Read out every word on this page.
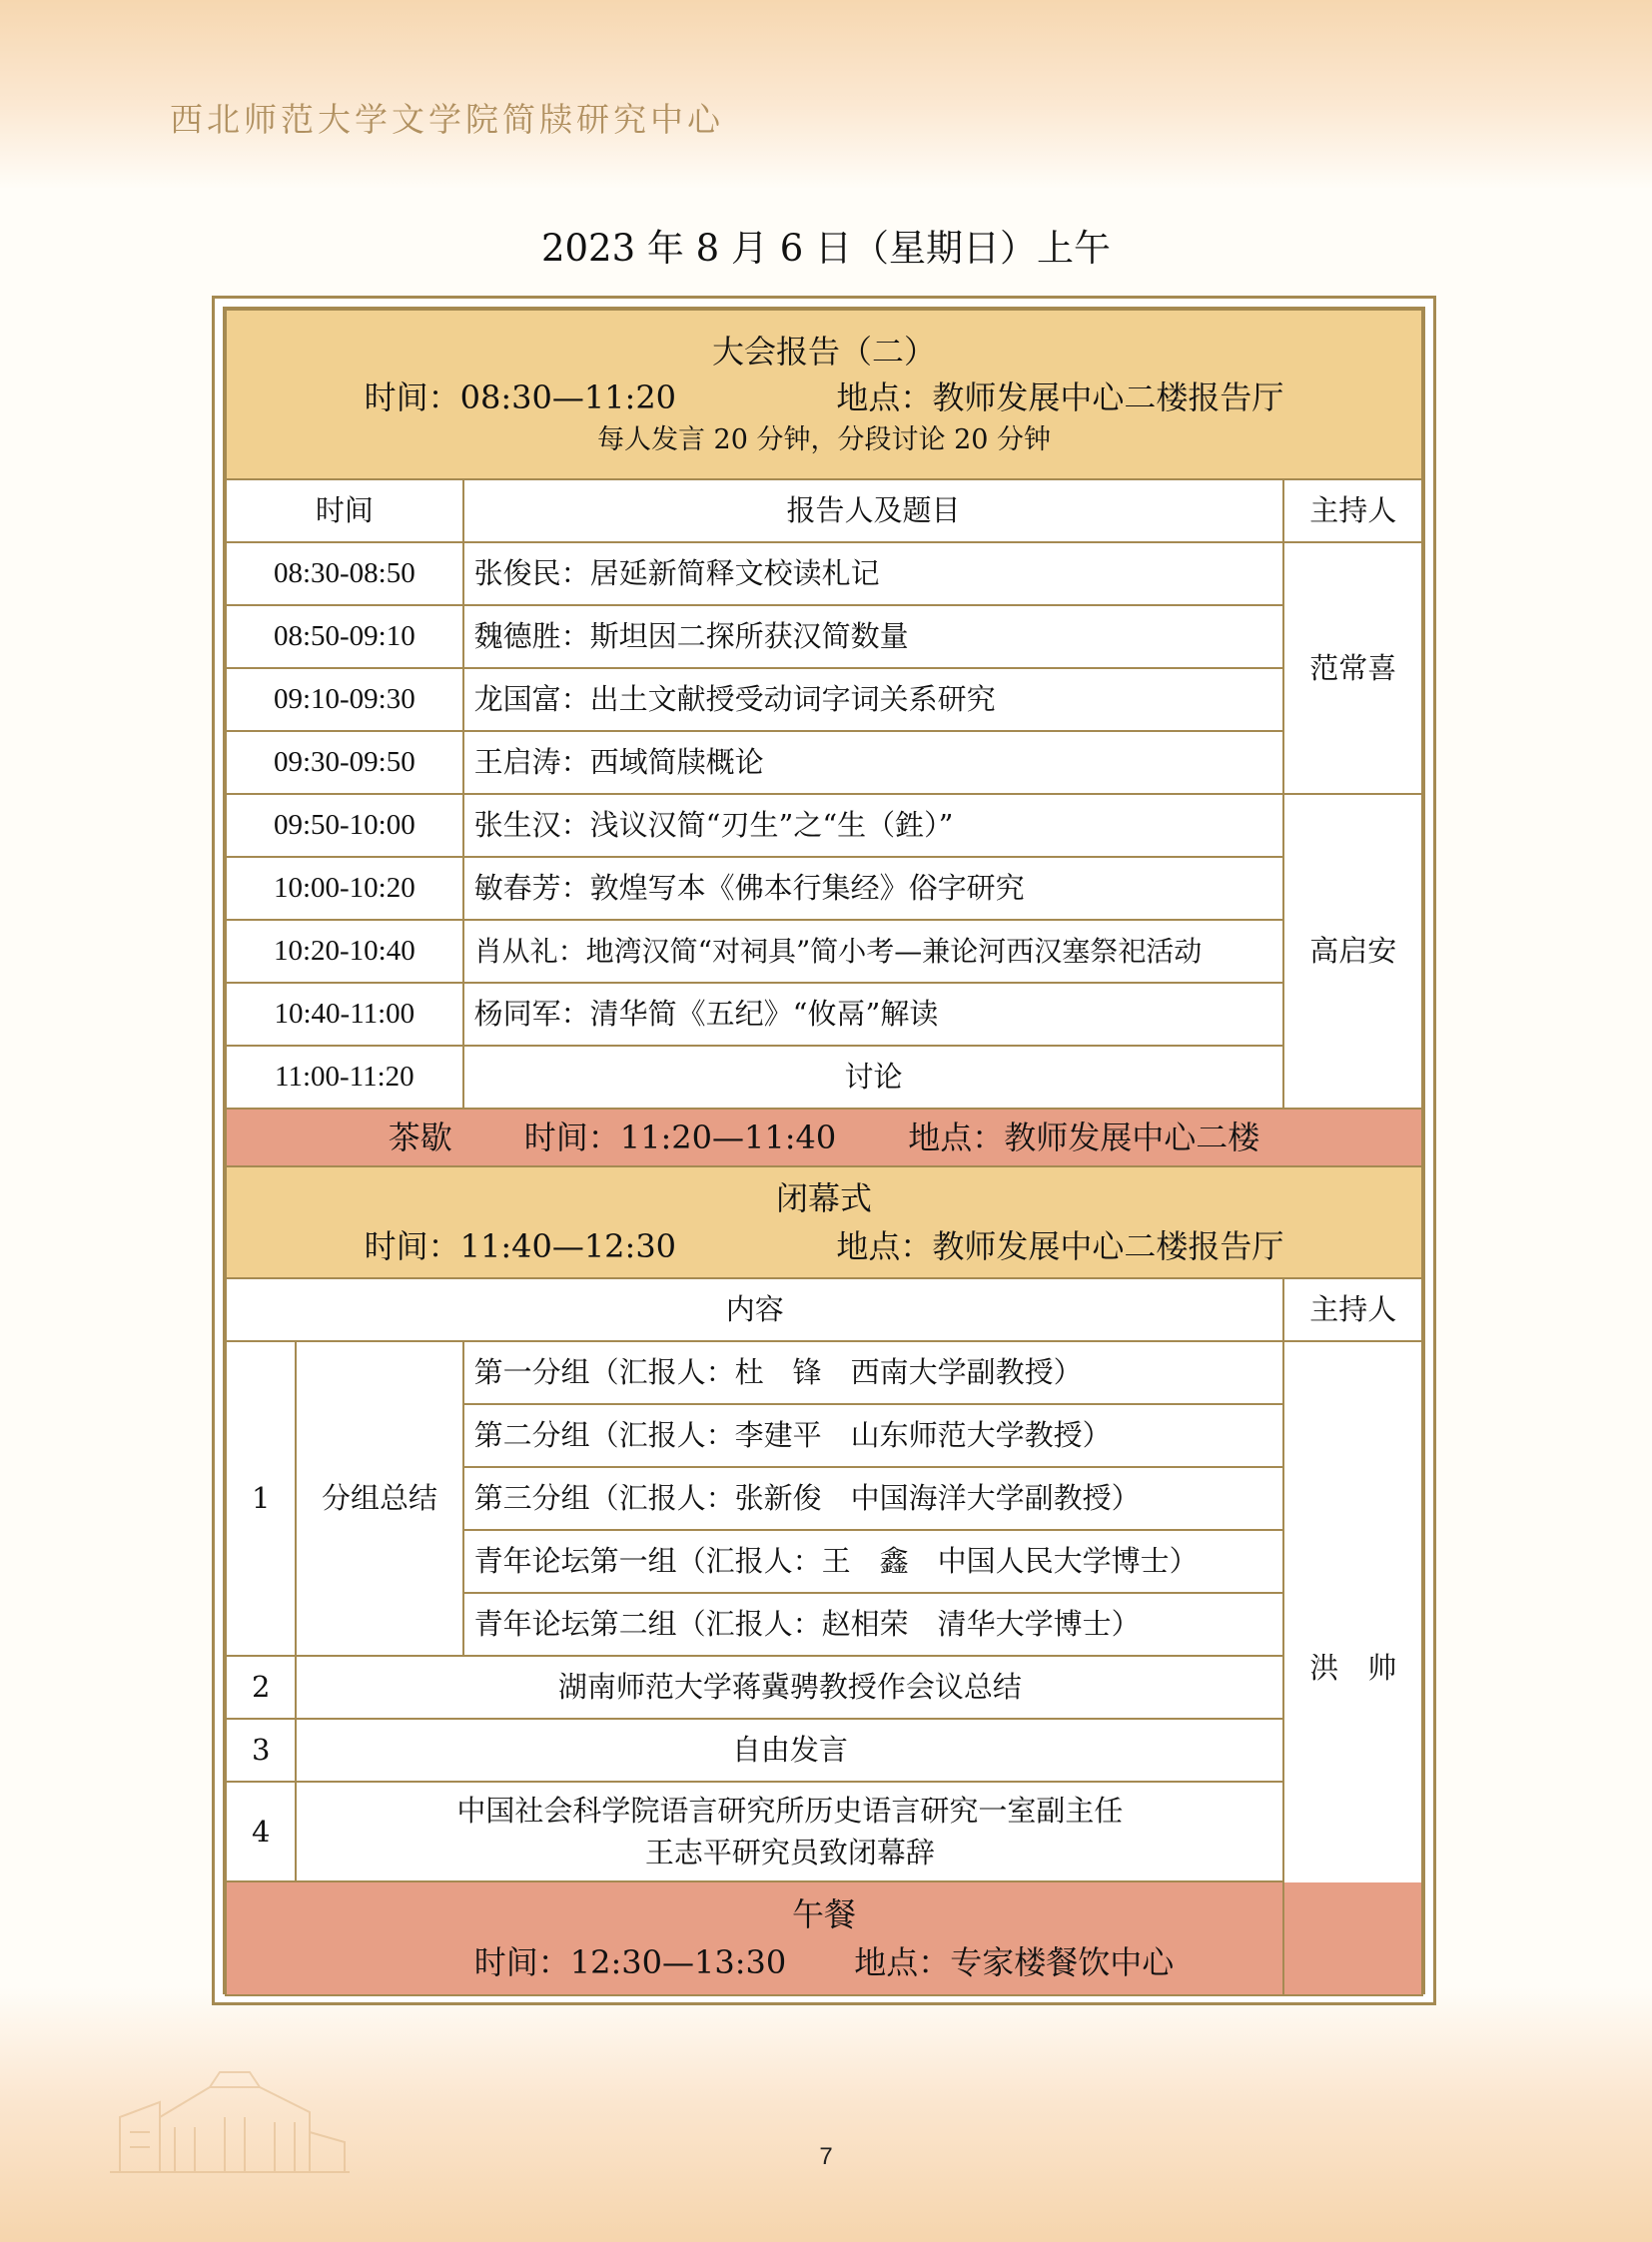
西北师范大学文学院简牍研究中心
2023 年 8 月 6 日（星期日）上午
大会报告（二）
时间：08:30—11:20 地点：教师发展中心二楼报告厅
每人发言 20 分钟，分段讨论 20 分钟			

时间		报告人及题目	主持人
08:30-08:50		张俊民：居延新简释文校读札记	范常喜
08:50-09:10		魏德胜：斯坦因二探所获汉简数量	
09:10-09:30		龙国富：出土文献授受动词字词关系研究	
09:30-09:50		王启涛：西域简牍概论	
09:50-10:00		张生汉：浅议汉简“刃生”之“生（鉎）”	高启安
10:00-10:20		敏春芳：敦煌写本《佛本行集经》俗字研究	
10:20-10:40		肖从礼：地湾汉简“对祠具”简小考—兼论河西汉塞祭祀活动	
10:40-11:00		杨同军：清华简《五纪》“攸鬲”解读	
11:00-11:20		讨论	

茶歇 时间：11:20—11:40 地点：教师发展中心二楼			

闭幕式
时间：11:40—12:30 地点：教师发展中心二楼报告厅			

内容			主持人
1	分组总结	第一分组（汇报人：杜　锋　西南大学副教授）	洪　帅
		第二分组（汇报人：李建平　山东师范大学教授）	
		第三分组（汇报人：张新俊　中国海洋大学副教授）	
		青年论坛第一组（汇报人：王　鑫　中国人民大学博士）	
		青年论坛第二组（汇报人：赵相荣　清华大学博士）	
2	湖南师范大学蒋冀骋教授作会议总结		
3	自由发言		
4	中国社会科学院语言研究所历史语言研究一室副主任
王志平研究员致闭幕辞		

午餐
时间：12:30—13:30 地点：专家楼餐饮中心			
7
